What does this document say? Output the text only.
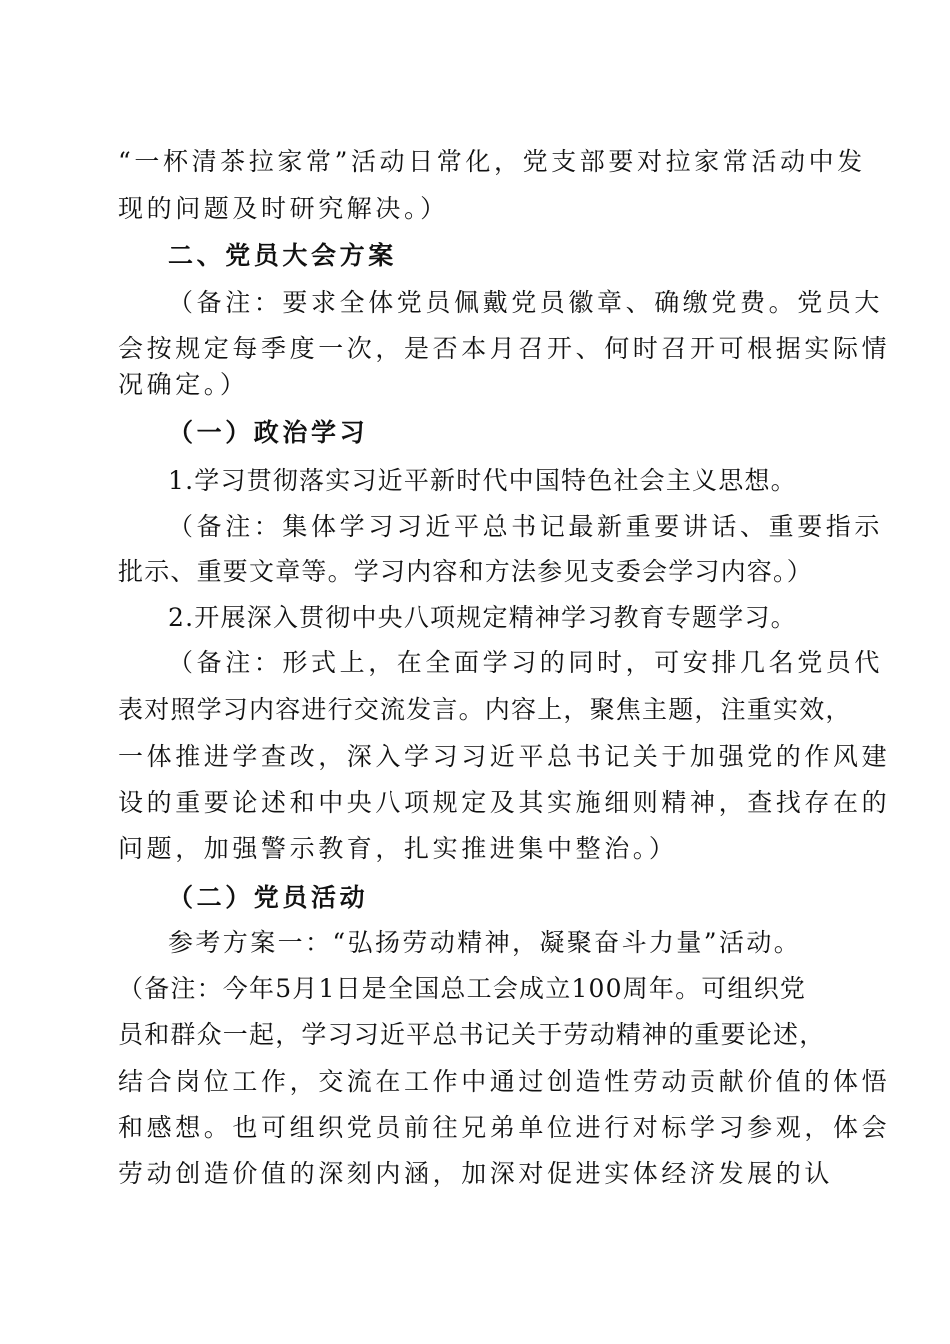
“一杯清茶拉家常”活动日常化，党支部要对拉家常活动中发
现的问题及时研究解决。）
二、党员大会方案
（备注：要求全体党员佩戴党员徽章、确缴党费。党员大
会按规定每季度一次，是否本月召开、何时召开可根据实际情
况确定。）
（一）政治学习
1.学习贯彻落实习近平新时代中国特色社会主义思想。
（备注：集体学习习近平总书记最新重要讲话、重要指示
批示、重要文章等。学习内容和方法参见支委会学习内容。）
2.开展深入贯彻中央八项规定精神学习教育专题学习。
（备注：形式上，在全面学习的同时，可安排几名党员代
表对照学习内容进行交流发言。内容上，聚焦主题，注重实效，
一体推进学查改，深入学习习近平总书记关于加强党的作风建
设的重要论述和中央八项规定及其实施细则精神，查找存在的
问题，加强警示教育，扎实推进集中整治。）
（二）党员活动
参考方案一：“弘扬劳动精神，凝聚奋斗力量”活动。
（备注：今年5月1日是全国总工会成立100周年。可组织党
员和群众一起，学习习近平总书记关于劳动精神的重要论述，
结合岗位工作，交流在工作中通过创造性劳动贡献价值的体悟
和感想。也可组织党员前往兄弟单位进行对标学习参观，体会
劳动创造价值的深刻内涵，加深对促进实体经济发展的认
